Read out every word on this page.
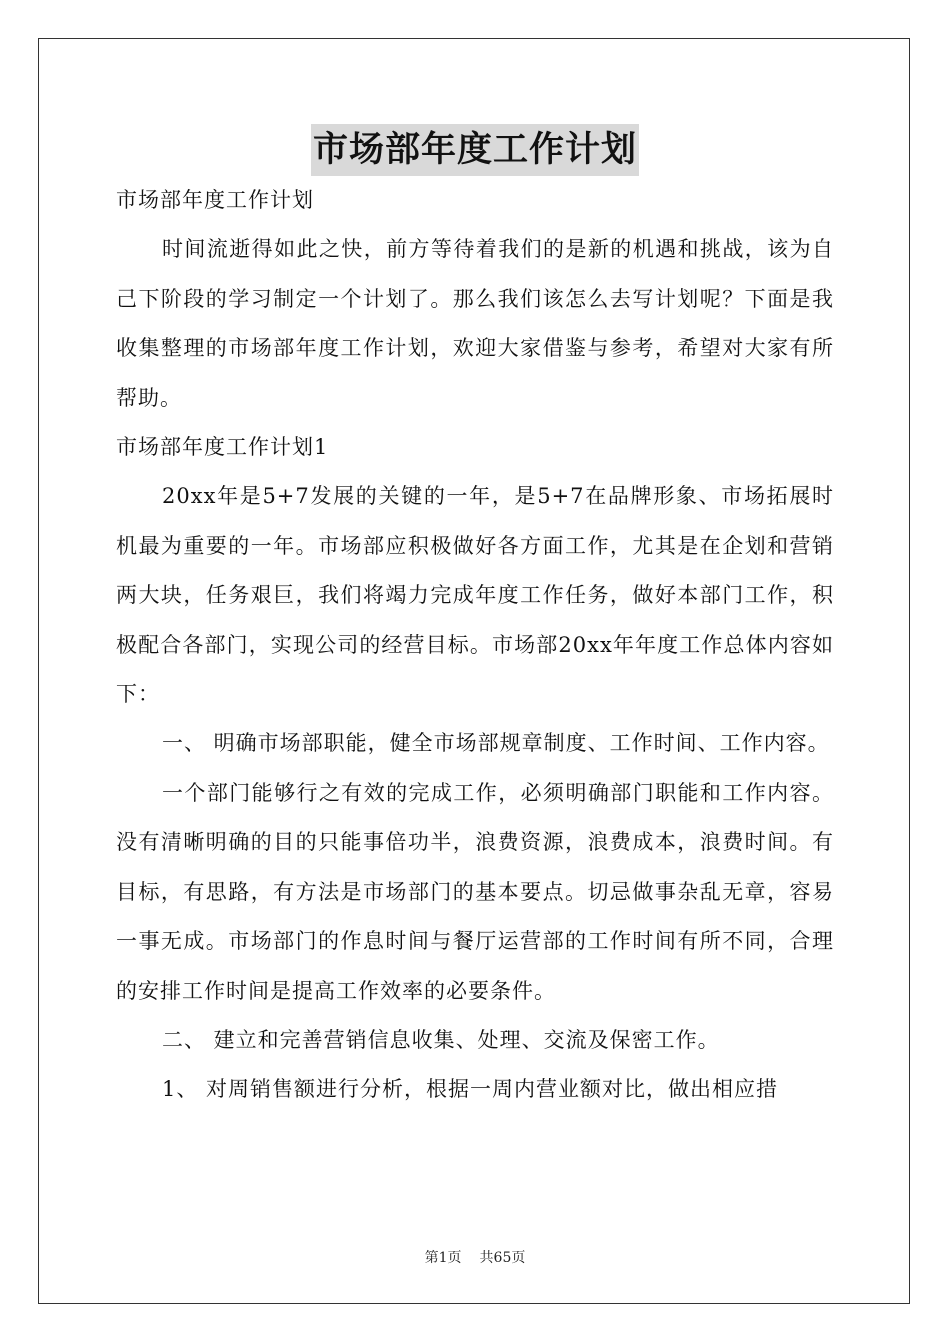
市场部年度工作计划

市场部年度工作计划

时间流逝得如此之快，前方等待着我们的是新的机遇和挑战，该为自己下阶段的学习制定一个计划了。那么我们该怎么去写计划呢？下面是我收集整理的市场部年度工作计划，欢迎大家借鉴与参考，希望对大家有所帮助。

市场部年度工作计划1

20xx年是5+7发展的关键的一年，是5+7在品牌形象、市场拓展时机最为重要的一年。市场部应积极做好各方面工作，尤其是在企划和营销两大块，任务艰巨，我们将竭力完成年度工作任务，做好本部门工作，积极配合各部门，实现公司的经营目标。市场部20xx年年度工作总体内容如下：

一、 明确市场部职能，健全市场部规章制度、工作时间、工作内容。

一个部门能够行之有效的完成工作，必须明确部门职能和工作内容。没有清晰明确的目的只能事倍功半，浪费资源，浪费成本，浪费时间。有目标，有思路，有方法是市场部门的基本要点。切忌做事杂乱无章，容易一事无成。市场部门的作息时间与餐厅运营部的工作时间有所不同，合理的安排工作时间是提高工作效率的必要条件。

二、 建立和完善营销信息收集、处理、交流及保密工作。

1、 对周销售额进行分析，根据一周内营业额对比，做出相应措

第1页 共65页
